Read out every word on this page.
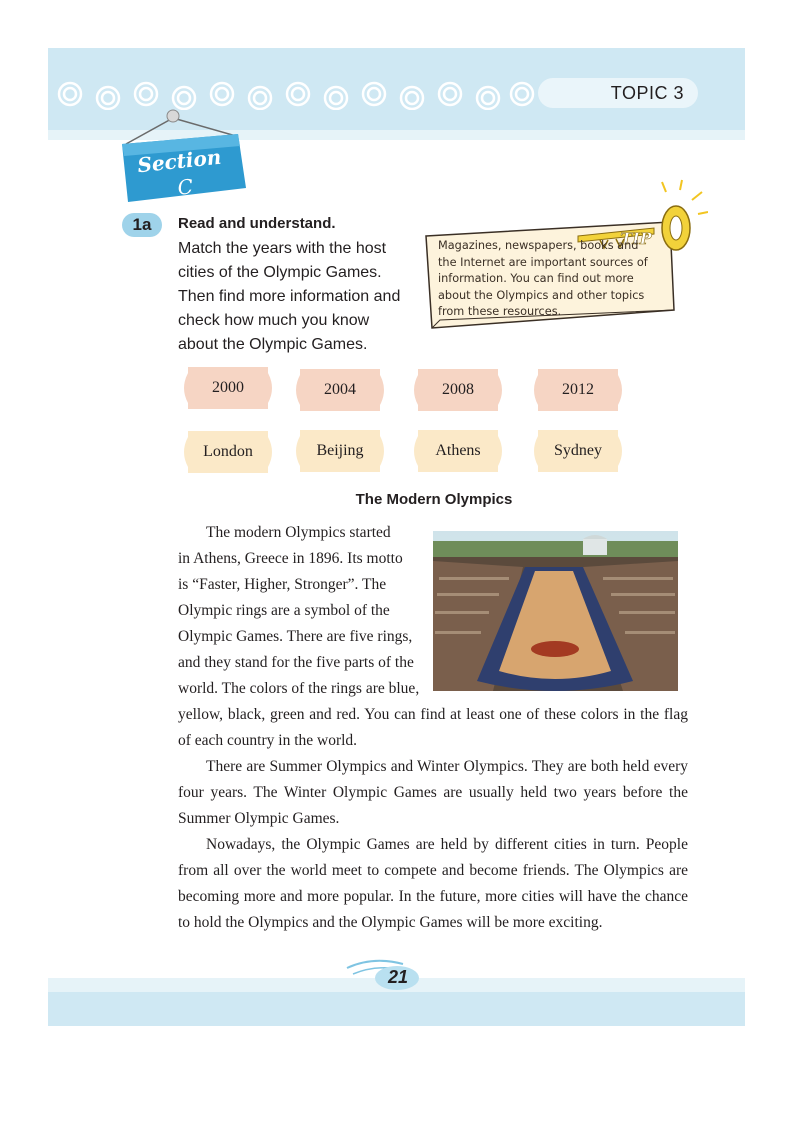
TOPIC 3
Section
C
1a Read and understand.
Match the years with the host cities of the Olympic Games. Then find more information and check how much you know about the Olympic Games.
TIP
Magazines, newspapers, books and the Internet are important sources of information. You can find out more about the Olympics and other topics from these resources.
2000	2004	2008	2012
London	Beijing	Athens	Sydney
The Modern Olympics
The modern Olympics started
in Athens, Greece in 1896. Its motto
is “Faster, Higher, Stronger”. The
Olympic rings are a symbol of the
Olympic Games. There are five rings,
and they stand for the five parts of the
world. The colors of the rings are blue,
yellow, black, green and red. You can find at least one of these colors in the flag of each country in the world.
There are Summer Olympics and Winter Olympics. They are both held every four years. The Winter Olympic Games are usually held two years before the Summer Olympic Games.
Nowadays, the Olympic Games are held by different cities in turn. People from all over the world meet to compete and become friends. The Olympics are becoming more and more popular. In the future, more cities will have the chance to hold the Olympics and the Olympic Games will be more exciting.
21
